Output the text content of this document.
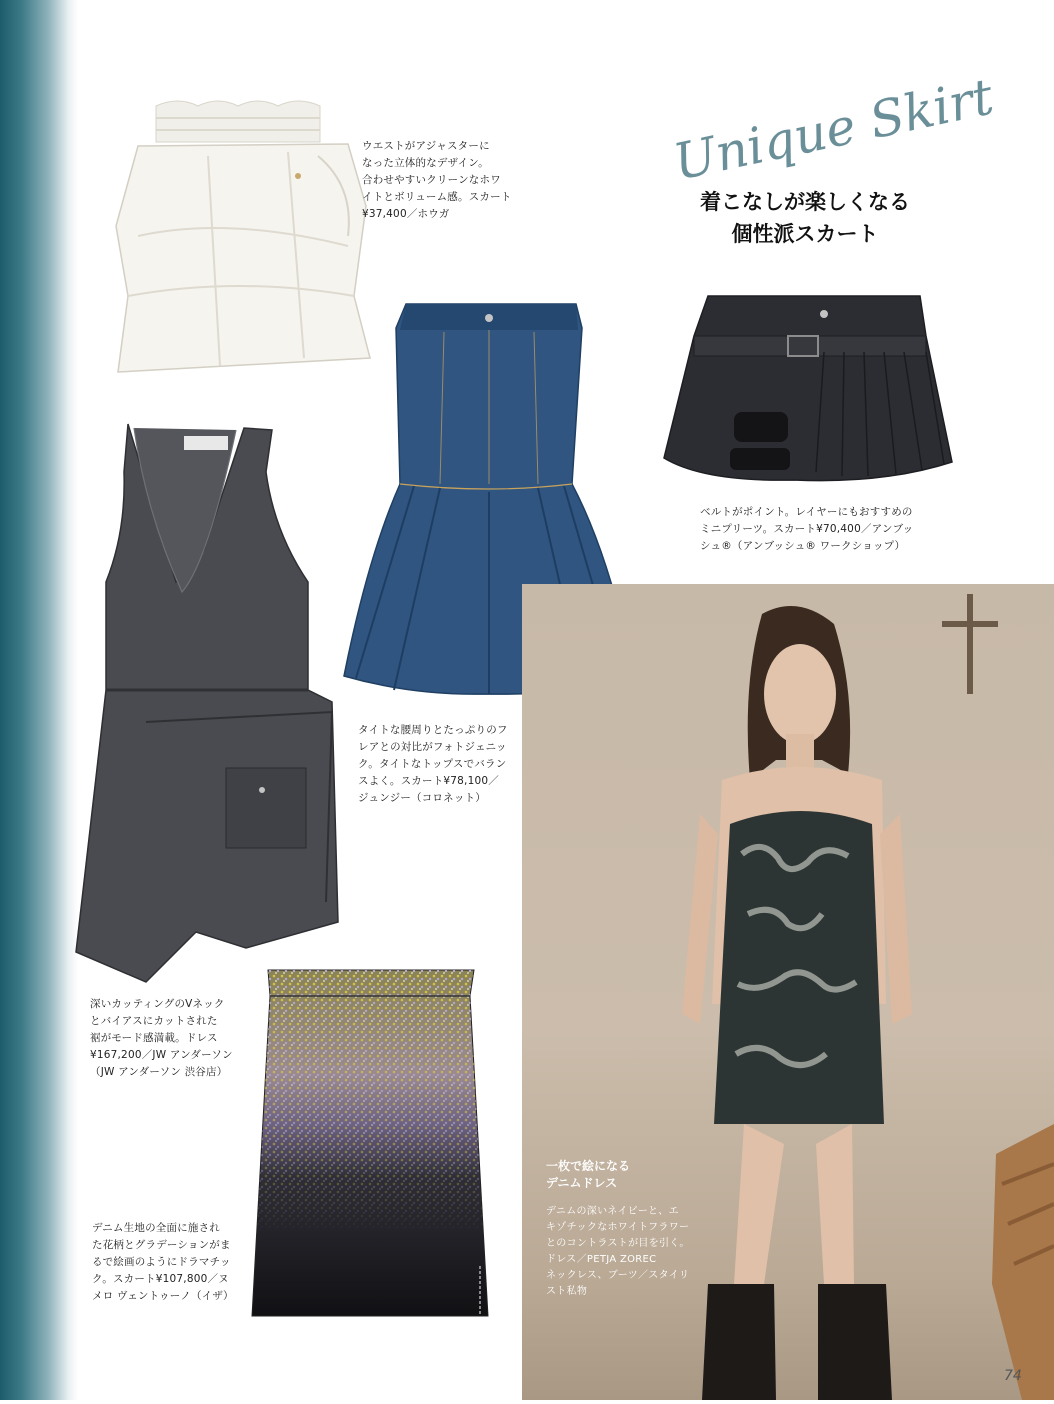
ウエストがアジャスターに
なった立体的なデザイン。
合わせやすいクリーンなホワ
イトとボリューム感。スカート
¥37,400／ホウガ
Unique Skirt
着こなしが楽しくなる
個性派スカート
タイトな腰周りとたっぷりのフ
レアとの対比がフォトジェニッ
ク。タイトなトップスでバラン
スよく。スカート¥78,100／
ジュンジー（コロネット）
ベルトがポイント。レイヤーにもおすすめの
ミニプリーツ。スカート¥70,400／アンブッ
シュ®（アンブッシュ® ワークショップ）
深いカッティングのVネック
とバイアスにカットされた
裾がモード感満載。ドレス
¥167,200／JW アンダーソン
（JW アンダーソン 渋谷店）
デニム生地の全面に施され
た花柄とグラデーションがま
るで絵画のようにドラマチッ
ク。スカート¥107,800／ヌ
メロ ヴェントゥーノ（イザ）
一枚で絵になる
デニムドレス
デニムの深いネイビーと、エ
キゾチックなホワイトフラワー
とのコントラストが目を引く。
ドレス／PETJA ZOREC
ネックレス、ブーツ／スタイリ
スト私物
74
